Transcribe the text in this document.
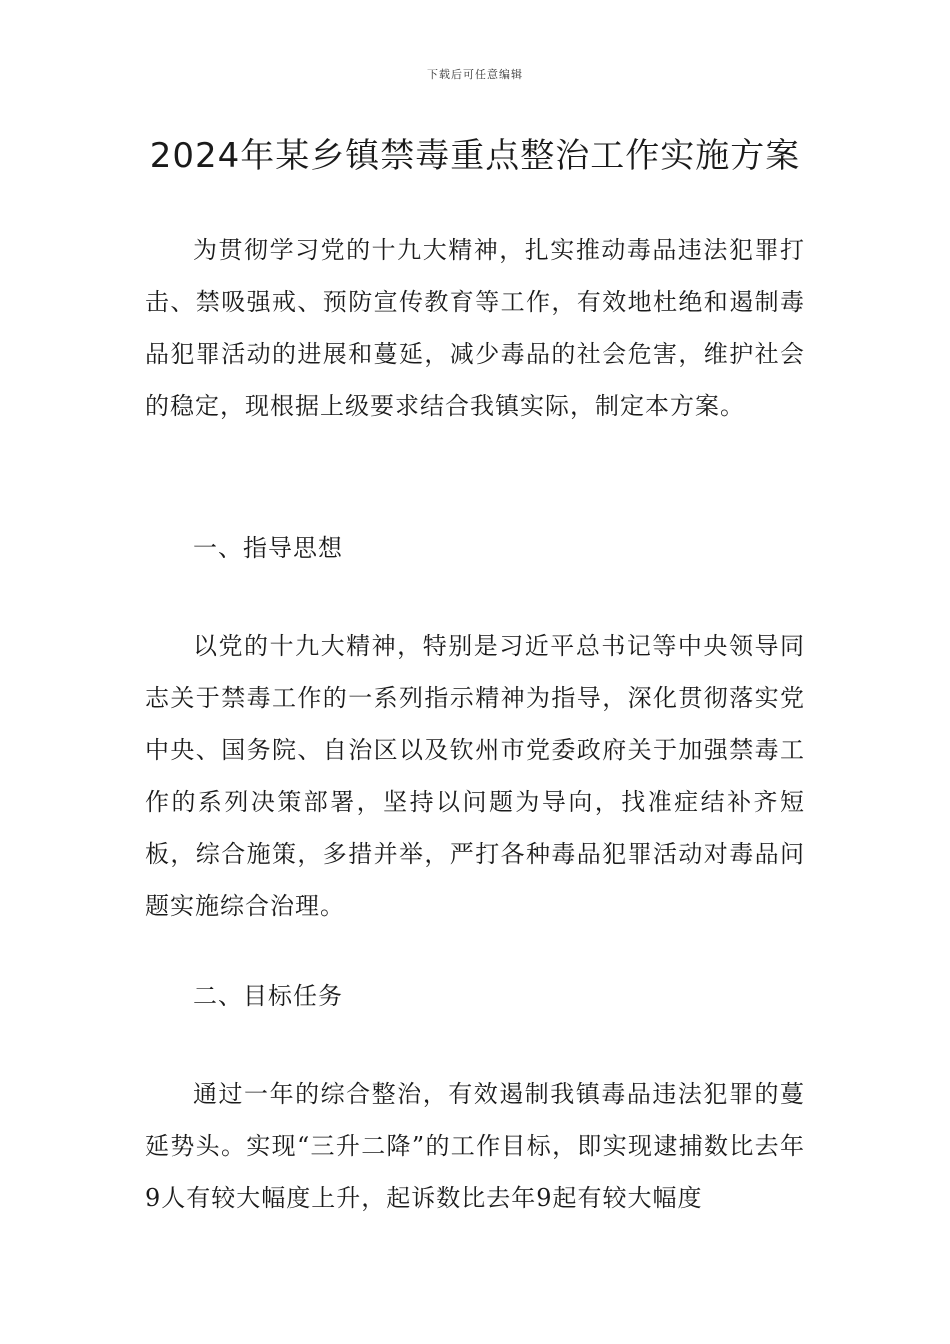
下载后可任意编辑
2024年某乡镇禁毒重点整治工作实施方案

为贯彻学习党的十九大精神，扎实推动毒品违法犯罪打击、禁吸强戒、预防宣传教育等工作，有效地杜绝和遏制毒品犯罪活动的进展和蔓延，减少毒品的社会危害，维护社会的稳定，现根据上级要求结合我镇实际，制定本方案。

一、指导思想

以党的十九大精神，特别是习近平总书记等中央领导同志关于禁毒工作的一系列指示精神为指导，深化贯彻落实党中央、国务院、自治区以及钦州市党委政府关于加强禁毒工作的系列决策部署，坚持以问题为导向，找准症结补齐短板，综合施策，多措并举，严打各种毒品犯罪活动对毒品问题实施综合治理。

二、目标任务

通过一年的综合整治，有效遏制我镇毒品违法犯罪的蔓延势头。实现“三升二降”的工作目标，即实现逮捕数比去年9人有较大幅度上升，起诉数比去年9起有较大幅度
